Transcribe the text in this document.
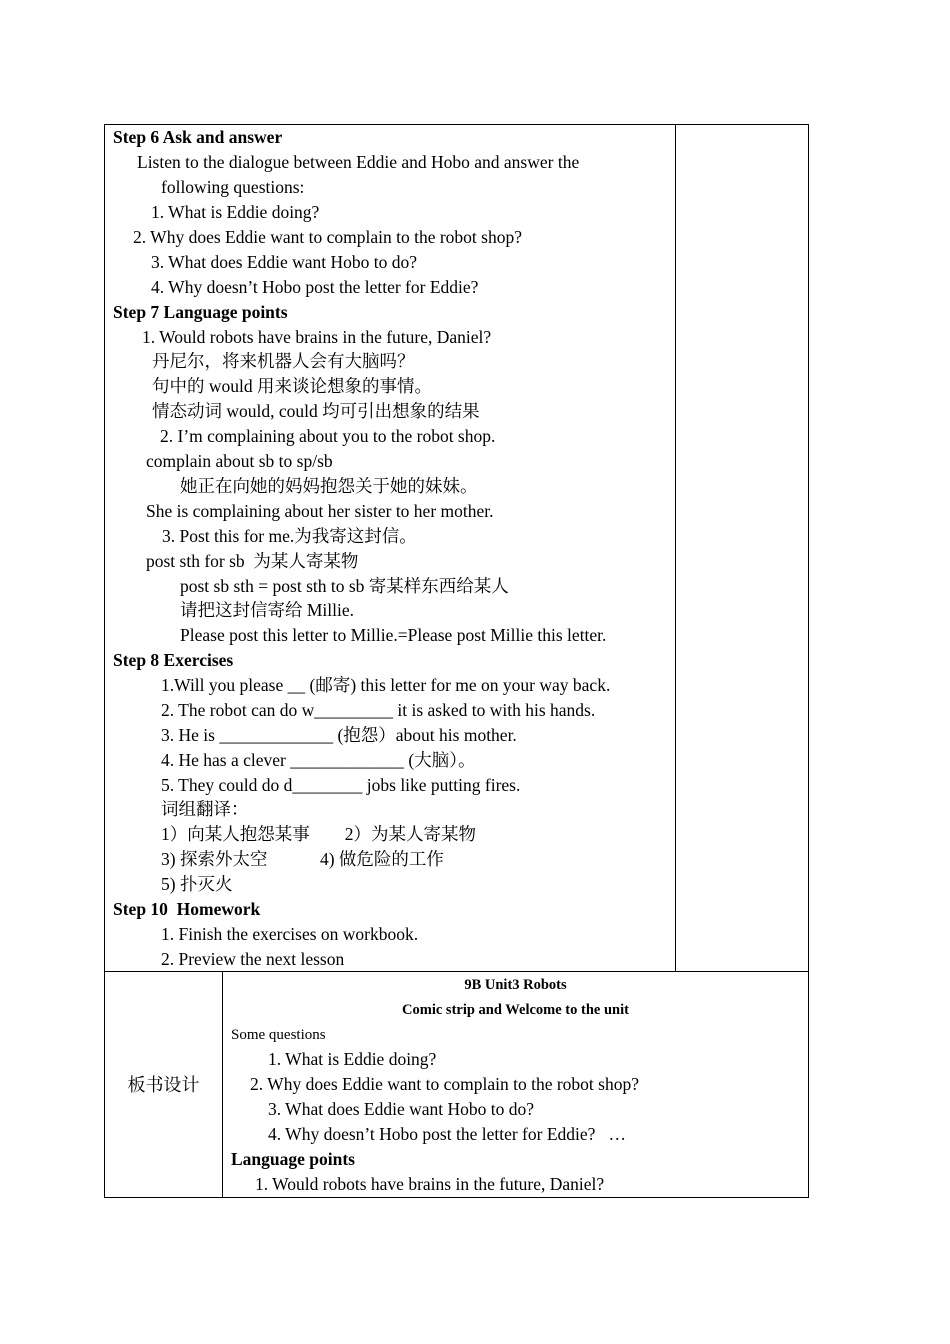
Step 6 Ask and answer
Listen to the dialogue between Eddie and Hobo and answer the
following questions:
1. What is Eddie doing?
2. Why does Eddie want to complain to the robot shop?
3. What does Eddie want Hobo to do?
4. Why doesn’t Hobo post the letter for Eddie?
Step 7 Language points
1. Would robots have brains in the future, Daniel?
丹尼尔，将来机器人会有大脑吗？
句中的 would 用来谈论想象的事情。
情态动词 would, could 均可引出想象的结果
2. I’m complaining about you to the robot shop.
complain about sb to sp/sb
她正在向她的妈妈抱怨关于她的妹妹。
She is complaining about her sister to her mother.
3. Post this for me.为我寄这封信。
post sth for sb  为某人寄某物
post sb sth = post sth to sb 寄某样东西给某人
请把这封信寄给 Millie.
Please post this letter to Millie.=Please post Millie this letter.
Step 8 Exercises
1.Will you please __ (邮寄) this letter for me on your way back.
2. The robot can do w_________ it is asked to with his hands.
3. He is _____________ (抱怨）about his mother.
4. He has a clever _____________ (大脑）。
5. They could do d________ jobs like putting fires.
词组翻译：
1）向某人抱怨某事        2）为某人寄某物
3) 探索外太空            4) 做危险的工作
5) 扑灭火
Step 10  Homework
1. Finish the exercises on workbook.
2. Preview the next lesson
板书设计
9B Unit3 Robots
Comic strip and Welcome to the unit
Some questions
1. What is Eddie doing?
2. Why does Eddie want to complain to the robot shop?
3. What does Eddie want Hobo to do?
4. Why doesn’t Hobo post the letter for Eddie?   …
Language points
1. Would robots have brains in the future, Daniel?
